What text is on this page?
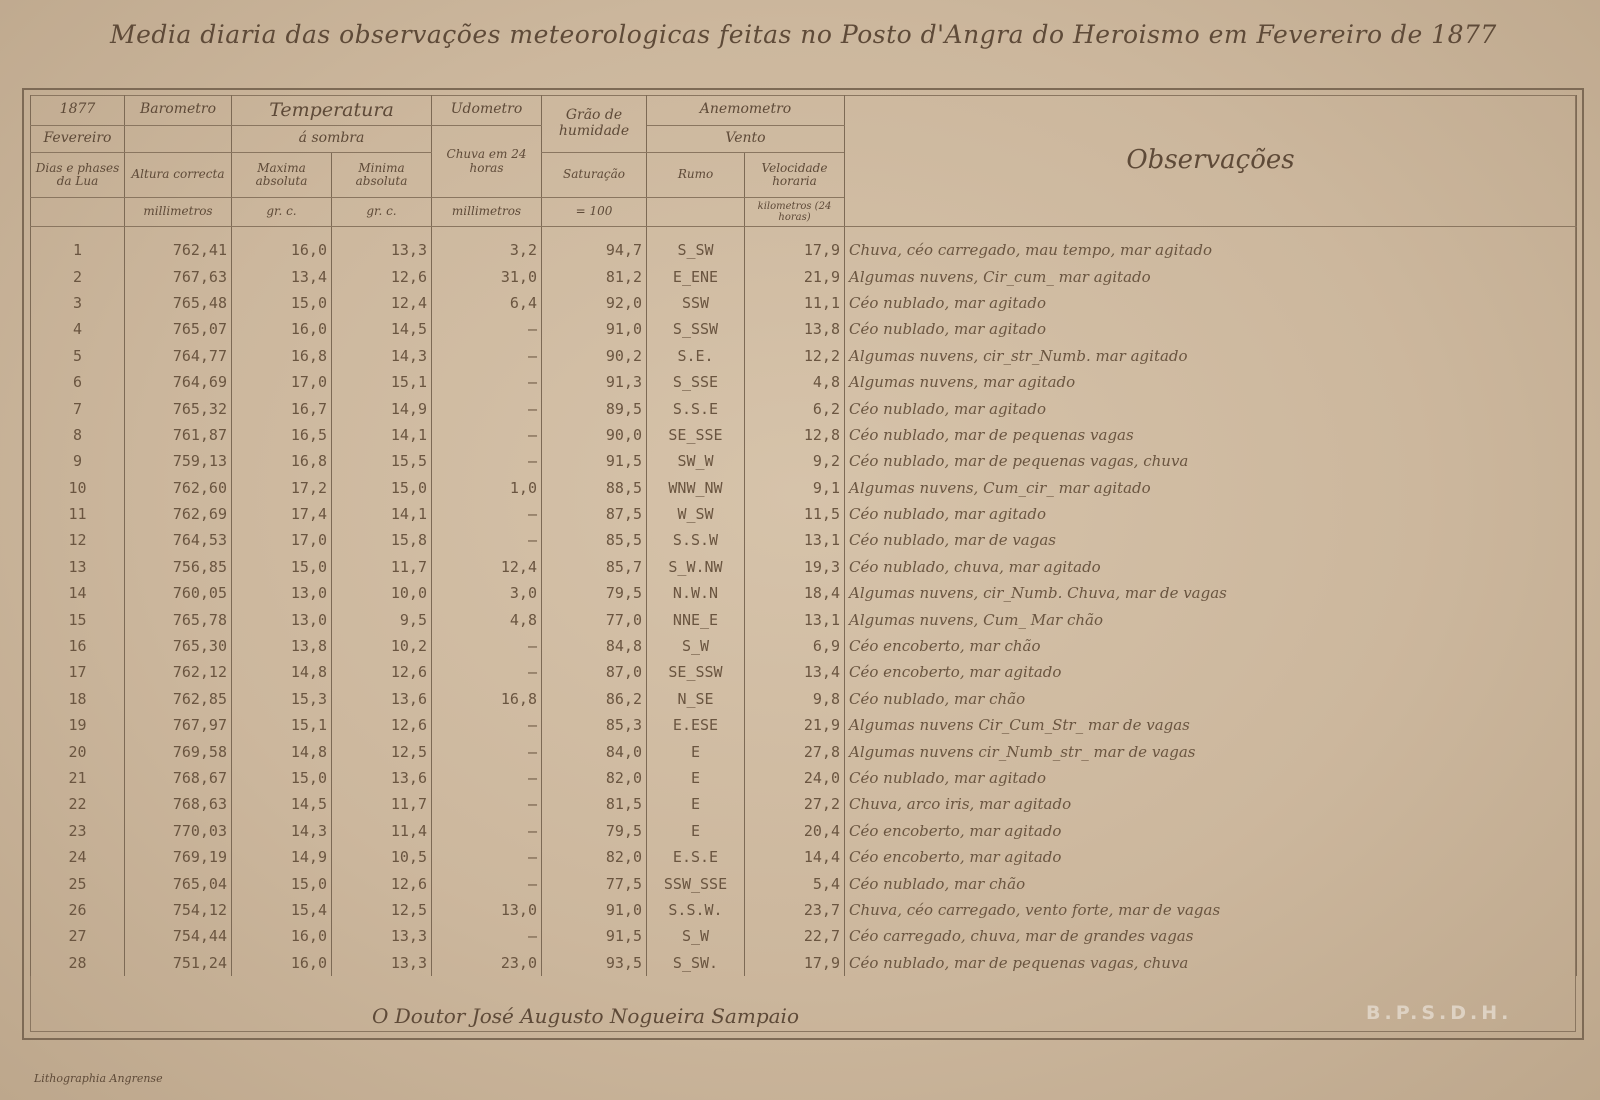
Media diaria das observações meteorologicas feitas no Posto d'Angra do Heroismo em Fevereiro de 1877
1877	Barometro	Temperatura		Udometro	Grão de humidade	Anemometro		Observações
Fevereiro		á sombra		Chuva em 24 horas		Vento		
Dias e phases da Lua	Altura correcta	Maxima absoluta	Minima absoluta		Saturação	Rumo	Velocidade horaria	
	millimetros	gr. c.	gr. c.	millimetros	= 100		kilometros (24 horas)	

1	762,41	16,0	13,3	3,2	94,7	S_SW	17,9	Chuva, céo carregado, mau tempo, mar agitado
2	767,63	13,4	12,6	31,0	81,2	E_ENE	21,9	Algumas nuvens, Cir_cum_ mar agitado
3	765,48	15,0	12,4	6,4	92,0	SSW	11,1	Céo nublado, mar agitado
4	765,07	16,0	14,5	—	91,0	S_SSW	13,8	Céo nublado, mar agitado
5	764,77	16,8	14,3	—	90,2	S.E.	12,2	Algumas nuvens, cir_str_Numb. mar agitado
6	764,69	17,0	15,1	—	91,3	S_SSE	4,8	Algumas nuvens, mar agitado
7	765,32	16,7	14,9	—	89,5	S.S.E	6,2	Céo nublado, mar agitado
8	761,87	16,5	14,1	—	90,0	SE_SSE	12,8	Céo nublado, mar de pequenas vagas
9	759,13	16,8	15,5	—	91,5	SW_W	9,2	Céo nublado, mar de pequenas vagas, chuva
10	762,60	17,2	15,0	1,0	88,5	WNW_NW	9,1	Algumas nuvens, Cum_cir_ mar agitado
11	762,69	17,4	14,1	—	87,5	W_SW	11,5	Céo nublado, mar agitado
12	764,53	17,0	15,8	—	85,5	S.S.W	13,1	Céo nublado, mar de vagas
13	756,85	15,0	11,7	12,4	85,7	S_W.NW	19,3	Céo nublado, chuva, mar agitado
14	760,05	13,0	10,0	3,0	79,5	N.W.N	18,4	Algumas nuvens, cir_Numb. Chuva, mar de vagas
15	765,78	13,0	9,5	4,8	77,0	NNE_E	13,1	Algumas nuvens, Cum_ Mar chão
16	765,30	13,8	10,2	—	84,8	S_W	6,9	Céo encoberto, mar chão
17	762,12	14,8	12,6	—	87,0	SE_SSW	13,4	Céo encoberto, mar agitado
18	762,85	15,3	13,6	16,8	86,2	N_SE	9,8	Céo nublado, mar chão
19	767,97	15,1	12,6	—	85,3	E.ESE	21,9	Algumas nuvens Cir_Cum_Str_ mar de vagas
20	769,58	14,8	12,5	—	84,0	E	27,8	Algumas nuvens cir_Numb_str_ mar de vagas
21	768,67	15,0	13,6	—	82,0	E	24,0	Céo nublado, mar agitado
22	768,63	14,5	11,7	—	81,5	E	27,2	Chuva, arco iris, mar agitado
23	770,03	14,3	11,4	—	79,5	E	20,4	Céo encoberto, mar agitado
24	769,19	14,9	10,5	—	82,0	E.S.E	14,4	Céo encoberto, mar agitado
25	765,04	15,0	12,6	—	77,5	SSW_SSE	5,4	Céo nublado, mar chão
26	754,12	15,4	12,5	13,0	91,0	S.S.W.	23,7	Chuva, céo carregado, vento forte, mar de vagas
27	754,44	16,0	13,3	—	91,5	S_W	22,7	Céo carregado, chuva, mar de grandes vagas
28	751,24	16,0	13,3	23,0	93,5	S_SW.	17,9	Céo nublado, mar de pequenas vagas, chuva
O Doutor José Augusto Nogueira Sampaio	B.P.S.D.H.
Lithographia Angrense
